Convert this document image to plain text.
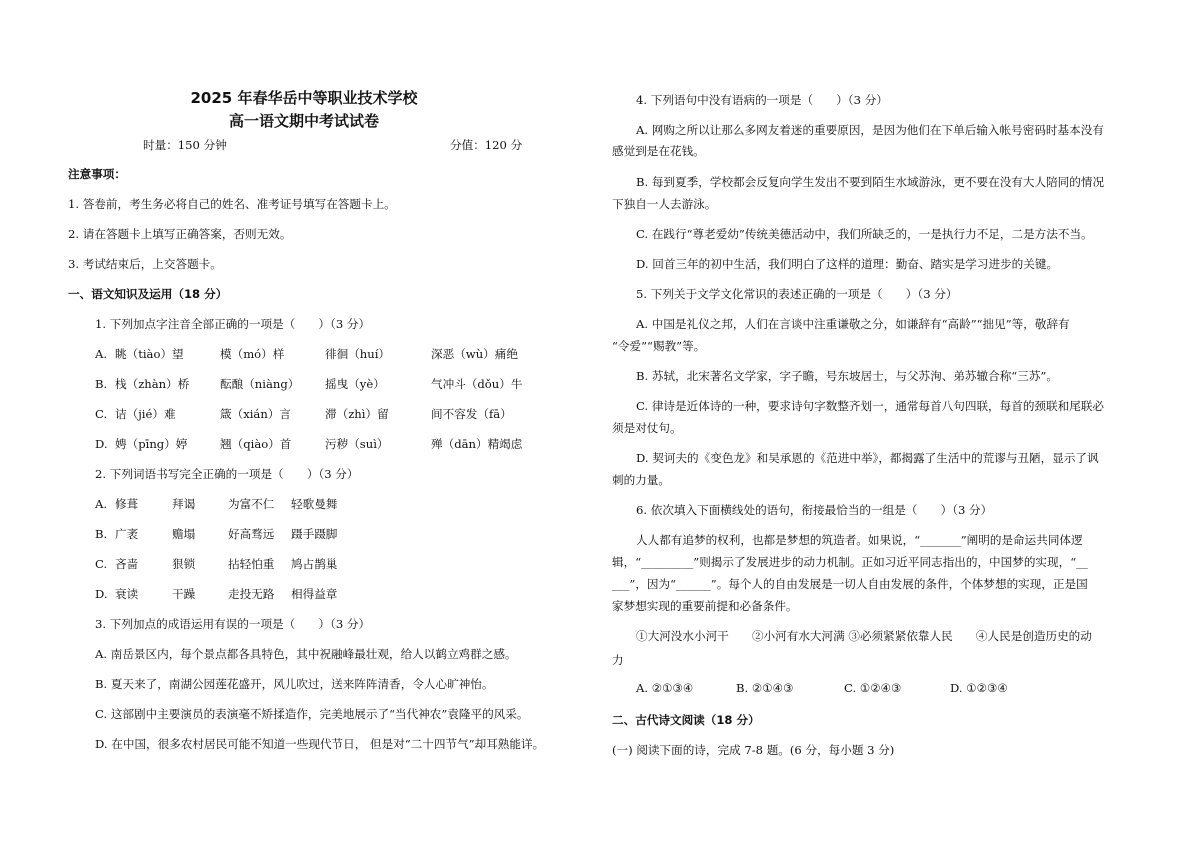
2025 年春华岳中等职业技术学校
高一语文期中考试试卷
时量：150 分钟	分值：120 分
注意事项：
1. 答卷前，考生务必将自己的姓名、准考证号填写在答题卡上。
2. 请在答题卡上填写正确答案，否则无效。
3. 考试结束后，上交答题卡。
一、语文知识及运用（18 分）
1. 下列加点字注音全部正确的一项是（　　）（3 分）
A. 眺（tiào）望	模（mó）样	徘徊（huí）	深恶（wù）痛绝
B. 栈（zhàn）桥	酝酿（niàng） 摇曳（yè）	气冲斗（dǒu）牛
C. 诘（jié）难	箴（xián）言	滞（zhì）留	间不容发（fā）
D. 娉（pīng）婷	翘（qiào）首	污秽（suì）	殚（dān）精竭虑
2. 下列词语书写完全正确的一项是（　　）（3 分）
A. 修葺	拜谒	为富不仁 轻歌曼舞
B. 广袤	赡塌	好高骛远 蹑手蹑脚
C. 吝啬	狠锁	拈轻怕重 鸠占鹊巢
D. 衰读	干躁	走投无路 相得益章
3. 下列加点的成语运用有误的一项是（　　）（3 分）
A. 南岳景区内，每个景点都各具特色，其中祝融峰最壮观，给人以鹤立鸡群之感。
B. 夏天来了，南湖公园莲花盛开，风儿吹过，送来阵阵清香，令人心旷神怡。
C. 这部剧中主要演员的表演毫不矫揉造作，完美地展示了“当代神农”袁隆平的风采。
D. 在中国，很多农村居民可能不知道一些现代节日， 但是对“二十四节气”却耳熟能详。
4. 下列语句中没有语病的一项是（　　）（3 分）
A. 网购之所以让那么多网友着迷的重要原因，是因为他们在下单后输入帐号密码时基本没有
感觉到是在花钱。
B. 每到夏季，学校都会反复向学生发出不要到陌生水域游泳，更不要在没有大人陪同的情况
下独自一人去游泳。
C. 在践行“尊老爱幼”传统美德活动中，我们所缺乏的，一是执行力不足，二是方法不当。
D. 回首三年的初中生活，我们明白了这样的道理：勤奋、踏实是学习进步的关键。
5. 下列关于文学文化常识的表述正确的一项是（　　）（3 分）
A. 中国是礼仪之邦，人们在言谈中注重谦敬之分，如谦辞有“高龄”“拙见”等，敬辞有
“令爱”“赐教”等。
B. 苏轼，北宋著名文学家，字子瞻，号东坡居士，与父苏洵、弟苏辙合称“三苏”。
C. 律诗是近体诗的一种，要求诗句字数整齐划一，通常每首八句四联，每首的颈联和尾联必
须是对仗句。
D. 契诃夫的《变色龙》和吴承恩的《范进中举》，都揭露了生活中的荒谬与丑陋，显示了讽
刺的力量。
6. 依次填入下面横线处的语句，衔接最恰当的一组是（　　）（3 分）
人人都有追梦的权利，也都是梦想的筑造者。如果说，“_______”阐明的是命运共同体逻
辑，“_________”则揭示了发展进步的动力机制。正如习近平同志指出的，中国梦的实现，“__
___”，因为“______”。每个人的自由发展是一切人自由发展的条件，个体梦想的实现，正是国
家梦想实现的重要前提和必备条件。
①大河没水小河干　　②小河有水大河满 ③必须紧紧依靠人民　　④人民是创造历史的动
力
A. ②①③④	B. ②①④③	C. ①②④③	D. ①②③④
二、古代诗文阅读（18 分）
(一) 阅读下面的诗，完成 7-8 题。(6 分，每小题 3 分)
